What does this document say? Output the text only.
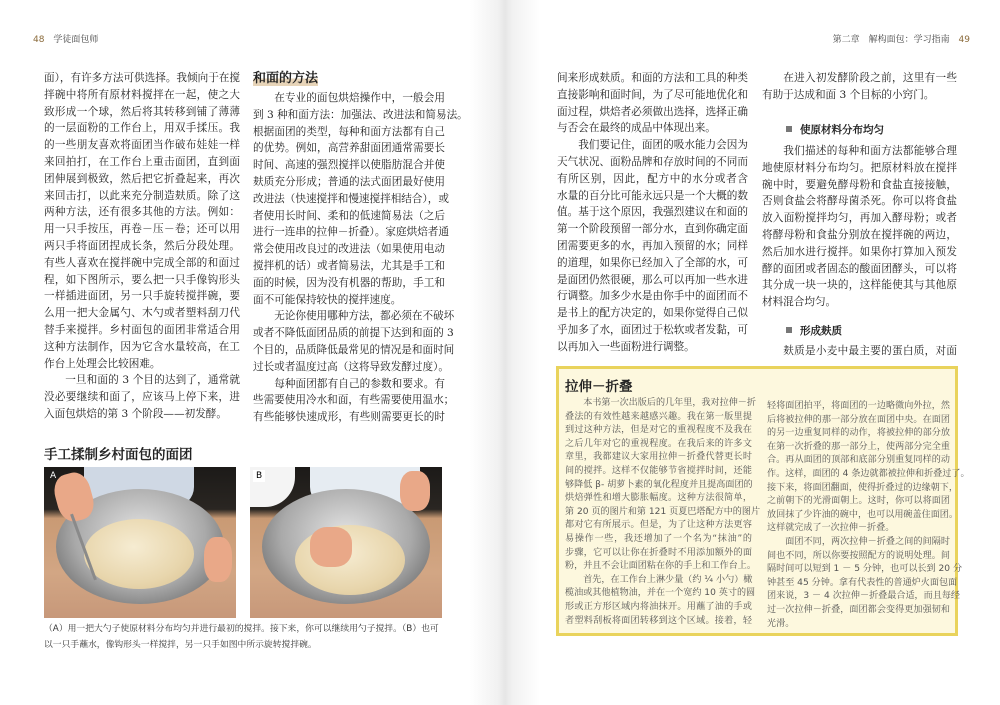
48 学徒面包师	第二章　解构面包：学习指南 49
面），有许多方法可供选择。我倾向于在搅
拌碗中将所有原材料搅拌在一起，使之大
致形成一个球，然后将其转移到铺了薄薄
的一层面粉的工作台上，用双手揉压。我
的一些朋友喜欢将面团当作破布娃娃一样
来回拍打，在工作台上重击面团，直到面
团伸展到极致，然后把它折叠起来，再次
来回击打，以此来充分制造麸质。除了这
两种方法，还有很多其他的方法。例如：
用一只手按压，再卷－压－卷；还可以用
两只手将面团捏成长条，然后分段处理。
有些人喜欢在搅拌碗中完成全部的和面过
程，如下图所示，要么把一只手像钩形头
一样插进面团，另一只手旋转搅拌碗，要
么用一把大金属勺、木勺或者塑料刮刀代
替手来搅拌。乡村面包的面团非常适合用
这种方法制作，因为它含水量较高，在工
作台上处理会比较困难。
一旦和面的 3 个目的达到了，通常就
没必要继续和面了，应该马上停下来，进
入面包烘焙的第 3 个阶段——初发酵。
手工揉制乡村面包的面团
A	B
（A）用一把大勺子使原材料分布均匀并进行最初的搅拌。接下来，你可以继续用勺子搅拌。（B）也可以一只手蘸水，像钩形头一样搅拌，另一只手如图中所示旋转搅拌碗。
和面的方法
在专业的面包烘焙操作中，一般会用
到 3 种和面方法：加强法、改进法和简易法。
根据面团的类型，每种和面方法都有自己
的优势。例如，高营养甜面团通常需要长
时间、高速的强烈搅拌以使脂肪混合并使
麸质充分形成；普通的法式面团最好使用
改进法（快速搅拌和慢速搅拌相结合），或
者使用长时间、柔和的低速简易法（之后
进行一连串的拉伸－折叠）。家庭烘焙者通
常会使用改良过的改进法（如果使用电动
搅拌机的话）或者简易法，尤其是手工和
面的时候，因为没有机器的帮助，手工和
面不可能保持较快的搅拌速度。
无论你使用哪种方法，都必须在不破坏
或者不降低面团品质的前提下达到和面的 3
个目的，品质降低最常见的情况是和面时间
过长或者温度过高（这将导致发酵过度）。
每种面团都有自己的参数和要求。有
些需要使用冷水和面，有些需要使用温水；
有些能够快速成形，有些则需要更长的时
间来形成麸质。和面的方法和工具的种类
直接影响和面时间，为了尽可能地优化和
面过程，烘焙者必须做出选择，选择正确
与否会在最终的成品中体现出来。
我们要记住，面团的吸水能力会因为
天气状况、面粉品牌和存放时间的不同而
有所区别，因此，配方中的水分或者含
水量的百分比可能永远只是一个大概的数
值。基于这个原因，我强烈建议在和面的
第一个阶段预留一部分水，直到你确定面
团需要更多的水，再加入预留的水；同样
的道理，如果你已经加入了全部的水，可
是面团仍然很硬，那么可以再加一些水进
行调整。加多少水是由你手中的面团而不
是书上的配方决定的，如果你觉得自己似
乎加多了水，面团过于松软或者发黏，可
以再加入一些面粉进行调整。
在进入初发酵阶段之前，这里有一些
有助于达成和面 3 个目标的小窍门。
使原材料分布均匀
我们描述的每种和面方法都能够合理
地使原材料分布均匀。把原材料放在搅拌
碗中时，要避免酵母粉和食盐直接接触，
否则食盐会将酵母菌杀死。你可以将食盐
放入面粉搅拌均匀，再加入酵母粉；或者
将酵母粉和食盐分别放在搅拌碗的两边，
然后加水进行搅拌。如果你打算加入预发
酵的面团或者固态的酸面团酵头，可以将
其分成一块一块的，这样能使其与其他原
材料混合均匀。
形成麸质
麸质是小麦中最主要的蛋白质，对面
拉伸－折叠
本书第一次出版后的几年里，我对拉伸－折
叠法的有效性越来越感兴趣。我在第一版里提
到过这种方法，但是对它的重视程度不及我在
之后几年对它的重视程度。在我后来的许多文
章里，我都建议大家用拉伸－折叠代替更长时
间的搅拌。这样不仅能够节省搅拌时间，还能
够降低 β- 胡萝卜素的氧化程度并且提高面团的
烘焙弹性和增大膨胀幅度。这种方法很简单，
第 20 页的图片和第 121 页夏巴塔配方中的图片
都对它有所展示。但是，为了让这种方法更容
易操作一些，我还增加了一个名为“抹油”的
步骤，它可以让你在折叠时不用添加额外的面
粉，并且不会让面团粘在你的手上和工作台上。
首先，在工作台上淋少量（约 ¼ 小勺）橄
榄油或其他植物油，并在一个宽约 10 英寸的圆
形或正方形区域内将油抹开。用蘸了油的手或
者塑料刮板将面团转移到这个区域。接着，轻
轻将面团拍平，将面团的一边略微向外拉，然
后将被拉伸的那一部分放在面团中央。在面团
的另一边重复同样的动作，将被拉伸的部分放
在第一次折叠的那一部分上，使两部分完全重
合。再从面团的顶部和底部分别重复同样的动
作。这样，面团的 4 条边就都被拉伸和折叠过了。
接下来，将面团翻面，使得折叠过的边缘朝下，
之前朝下的光滑面朝上。这时，你可以将面团
放回抹了少许油的碗中，也可以用碗盖住面团。
这样就完成了一次拉伸－折叠。
面团不同，两次拉伸－折叠之间的间隔时
间也不同，所以你要按照配方的说明处理。间
隔时间可以短到 1 － 5 分钟，也可以长到 20 分
钟甚至 45 分钟。拿有代表性的普通炉火面包面
团来说，3 － 4 次拉伸－折叠最合适，而且每经
过一次拉伸－折叠，面团都会变得更加强韧和
光滑。
